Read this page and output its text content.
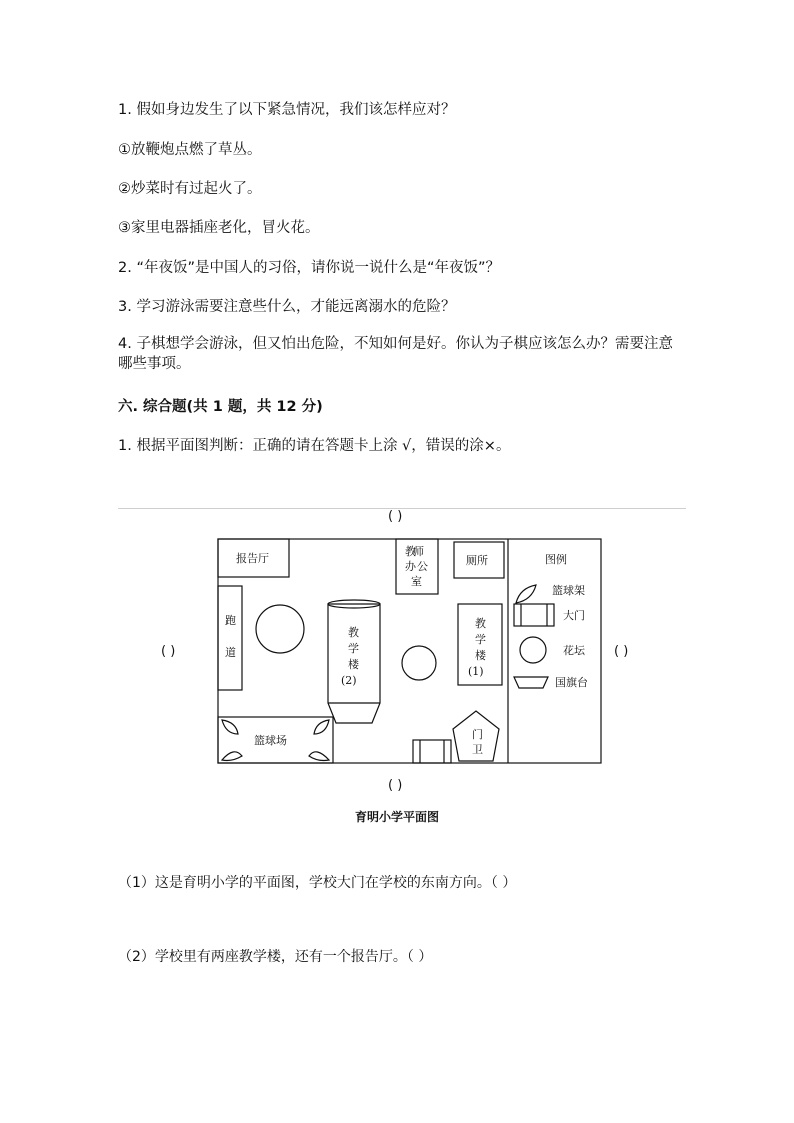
1. 假如身边发生了以下紧急情况，我们该怎样应对？
①放鞭炮点燃了草丛。
②炒菜时有过起火了。
③家里电器插座老化，冒火花。
2. “年夜饭”是中国人的习俗，请你说一说什么是“年夜饭”？
3. 学习游泳需要注意些什么，才能远离溺水的危险？
4. 子棋想学会游泳，但又怕出危险，不知如何是好。你认为子棋应该怎么办？需要注意哪些事项。
六. 综合题(共 1 题，共 12 分)
1. 根据平面图判断：正确的请在答题卡上涂 √，错误的涂×。
( )
( )	( )
( )
报告厅
教
师
办 公
室
厕所	图例
跑
道
教
学
楼
(2)
教
学
楼
(1)
篮球场	门
卫
篮球架
大门
花坛
国旗台
育明小学平面图
（1）这是育明小学的平面图，学校大门在学校的东南方向。（ ）
（2）学校里有两座教学楼，还有一个报告厅。（ ）
